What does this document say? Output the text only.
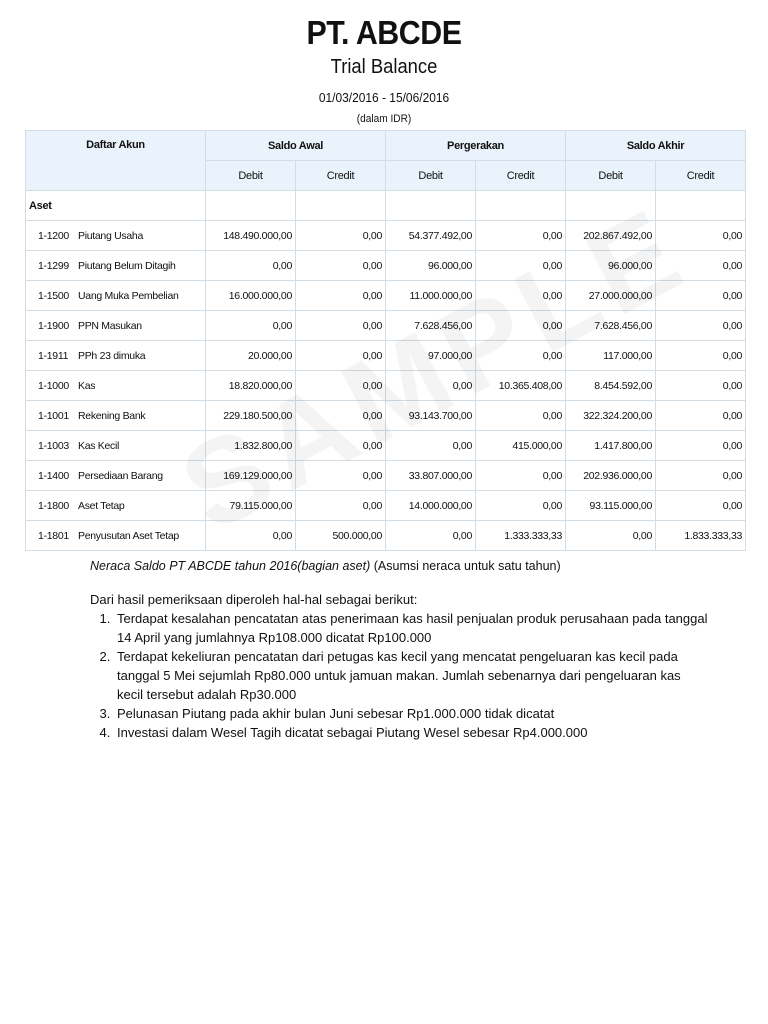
PT. ABCDE
Trial Balance
01/03/2016 - 15/06/2016
(dalam IDR)
Daftar Akun	Saldo Awal		Pergerakan		Saldo Akhir	
	Debit	Credit	Debit	Credit	Debit	Credit
Aset						
1-1200 Piutang Usaha	148.490.000,00	0,00	54.377.492,00	0,00	202.867.492,00	0,00
1-1299 Piutang Belum Ditagih	0,00	0,00	96.000,00	0,00	96.000,00	0,00
1-1500 Uang Muka Pembelian	16.000.000,00	0,00	11.000.000,00	0,00	27.000.000,00	0,00
1-1900 PPN Masukan	0,00	0,00	7.628.456,00	0,00	7.628.456,00	0,00
1-1911 PPh 23 dimuka	20.000,00	0,00	97.000,00	0,00	117.000,00	0,00
1-1000 Kas	18.820.000,00	0,00	0,00	10.365.408,00	8.454.592,00	0,00
1-1001 Rekening Bank	229.180.500,00	0,00	93.143.700,00	0,00	322.324.200,00	0,00
1-1003 Kas Kecil	1.832.800,00	0,00	0,00	415.000,00	1.417.800,00	0,00
1-1400 Persediaan Barang	169.129.000,00	0,00	33.807.000,00	0,00	202.936.000,00	0,00
1-1800 Aset Tetap	79.115.000,00	0,00	14.000.000,00	0,00	93.115.000,00	0,00
1-1801 Penyusutan Aset Tetap	0,00	500.000,00	0,00	1.333.333,33	0,00	1.833.333,33
Neraca Saldo PT ABCDE tahun 2016(bagian aset) (Asumsi neraca untuk satu tahun)
Dari hasil pemeriksaan diperoleh hal-hal sebagai berikut:
1. Terdapat kesalahan pencatatan atas penerimaan kas hasil penjualan produk perusahaan pada tanggal 14 April yang jumlahnya Rp108.000 dicatat Rp100.000
2. Terdapat kekeliuran pencatatan dari petugas kas kecil yang mencatat pengeluaran kas kecil pada tanggal 5 Mei sejumlah Rp80.000 untuk jamuan makan. Jumlah sebenarnya dari pengeluaran kas kecil tersebut adalah Rp30.000
3. Pelunasan Piutang pada akhir bulan Juni sebesar Rp1.000.000 tidak dicatat
4. Investasi dalam Wesel Tagih dicatat sebagai Piutang Wesel sebesar Rp4.000.000
